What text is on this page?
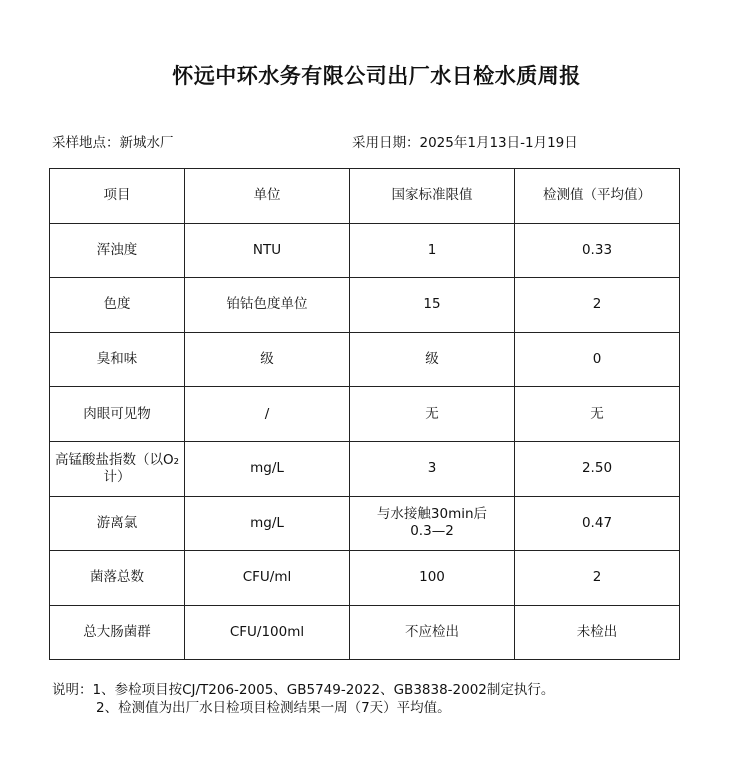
怀远中环水务有限公司出厂水日检水质周报
采样地点：新城水厂	采用日期：2025年1月13日-1月19日
项目	单位	国家标准限值	检测值（平均值）
浑浊度	NTU	1	0.33
色度	铂钴色度单位	15	2
臭和味	级	级	0
肉眼可见物	/	无	无
高锰酸盐指数（以O₂计）	mg/L	3	2.50
游离氯	mg/L	与水接触30min后0.3—2	0.47
菌落总数	CFU/ml	100	2
总大肠菌群	CFU/100ml	不应检出	未检出
说明：1、参检项目按CJ/T206-2005、GB5749-2022、GB3838-2002制定执行。
2、检测值为出厂水日检项目检测结果一周（7天）平均值。
